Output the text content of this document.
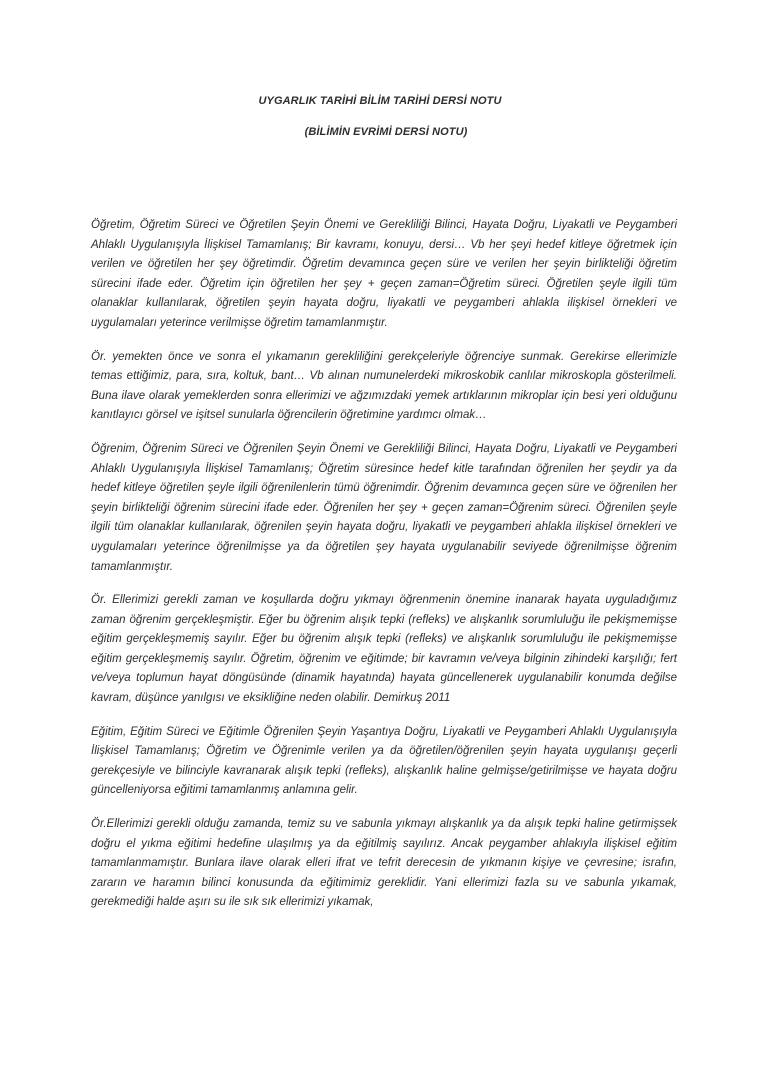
UYGARLIK TARİHİ BİLİM TARİHİ DERSİ NOTU
(BİLİMİN EVRİMİ DERSİ NOTU)

Öğretim, Öğretim Süreci ve Öğretilen Şeyin Önemi ve Gerekliliği Bilinci, Hayata Doğru, Liyakatli ve Peygamberi Ahlaklı Uygulanışıyla İlişkisel Tamamlanış; Bir kavramı, konuyu, dersi… Vb her şeyi hedef kitleye öğretmek için verilen ve öğretilen her şey öğretimdir. Öğretim devamınca geçen süre ve verilen her şeyin birlikteliği öğretim sürecini ifade eder. Öğretim için öğretilen her şey + geçen zaman=Öğretim süreci. Öğretilen şeyle ilgili tüm olanaklar kullanılarak, öğretilen şeyin hayata doğru, liyakatli ve peygamberi ahlakla ilişkisel örnekleri ve uygulamaları yeterince verilmişse öğretim tamamlanmıştır.

Ör. yemekten önce ve sonra el yıkamanın gerekliliğini gerekçeleriyle öğrenciye sunmak. Gerekirse ellerimizle temas ettiğimiz, para, sıra, koltuk, bant… Vb alınan numunelerdeki mikroskobik canlılar mikroskopla gösterilmeli. Buna ilave olarak yemeklerden sonra ellerimizi ve ağzımızdaki yemek artıklarının mikroplar için besi yeri olduğunu kanıtlayıcı görsel ve işitsel sunularla öğrencilerin öğretimine yardımcı olmak…

Öğrenim, Öğrenim Süreci ve Öğrenilen Şeyin Önemi ve Gerekliliği Bilinci, Hayata Doğru, Liyakatli ve Peygamberi Ahlaklı Uygulanışıyla İlişkisel Tamamlanış; Öğretim süresince hedef kitle tarafından öğrenilen her şeydir ya da hedef kitleye öğretilen şeyle ilgili öğrenilenlerin tümü öğrenimdir. Öğrenim devamınca geçen süre ve öğrenilen her şeyin birlikteliği öğrenim sürecini ifade eder. Öğrenilen her şey + geçen zaman=Öğrenim süreci. Öğrenilen şeyle ilgili tüm olanaklar kullanılarak, öğrenilen şeyin hayata doğru, liyakatli ve peygamberi ahlakla ilişkisel örnekleri ve uygulamaları yeterince öğrenilmişse ya da öğretilen şey hayata uygulanabilir seviyede öğrenilmişse öğrenim tamamlanmıştır.

Ör. Ellerimizi gerekli zaman ve koşullarda doğru yıkmayı öğrenmenin önemine inanarak hayata uyguladığımız zaman öğrenim gerçekleşmiştir. Eğer bu öğrenim alışık tepki (refleks) ve alışkanlık sorumluluğu ile pekişmemişse eğitim gerçekleşmemiş sayılır. Eğer bu öğrenim alışık tepki (refleks) ve alışkanlık sorumluluğu ile pekişmemişse eğitim gerçekleşmemiş sayılır. Öğretim, öğrenim ve eğitimde; bir kavramın ve/veya bilginin zihindeki karşılığı; fert ve/veya toplumun hayat döngüsünde (dinamik hayatında) hayata güncellenerek uygulanabilir konumda değilse kavram, düşünce yanılgısı ve eksikliğine neden olabilir. Demirkuş 2011

Eğitim, Eğitim Süreci ve Eğitimle Öğrenilen Şeyin Yaşantıya Doğru, Liyakatli ve Peygamberi Ahlaklı Uygulanışıyla İlişkisel Tamamlanış; Öğretim ve Öğrenimle verilen ya da öğretilen/öğrenilen şeyin hayata uygulanışı geçerli gerekçesiyle ve bilinciyle kavranarak alışık tepki (refleks), alışkanlık haline gelmişse/getirilmişse ve hayata doğru güncelleniyorsa eğitimi tamamlanmış anlamına gelir.

Ör.Ellerimizi gerekli olduğu zamanda, temiz su ve sabunla yıkmayı alışkanlık ya da alışık tepki haline getirmişsek doğru el yıkma eğitimi hedefine ulaşılmış ya da eğitilmiş sayılırız. Ancak peygamber ahlakıyla ilişkisel eğitim tamamlanmamıştır. Bunlara ilave olarak elleri ifrat ve tefrit derecesin de yıkmanın kişiye ve çevresine; israfın, zararın ve haramın bilinci konusunda da eğitimimiz gereklidir. Yani ellerimizi fazla su ve sabunla yıkamak, gerekmediği halde aşırı su ile sık sık ellerimizi yıkamak,
